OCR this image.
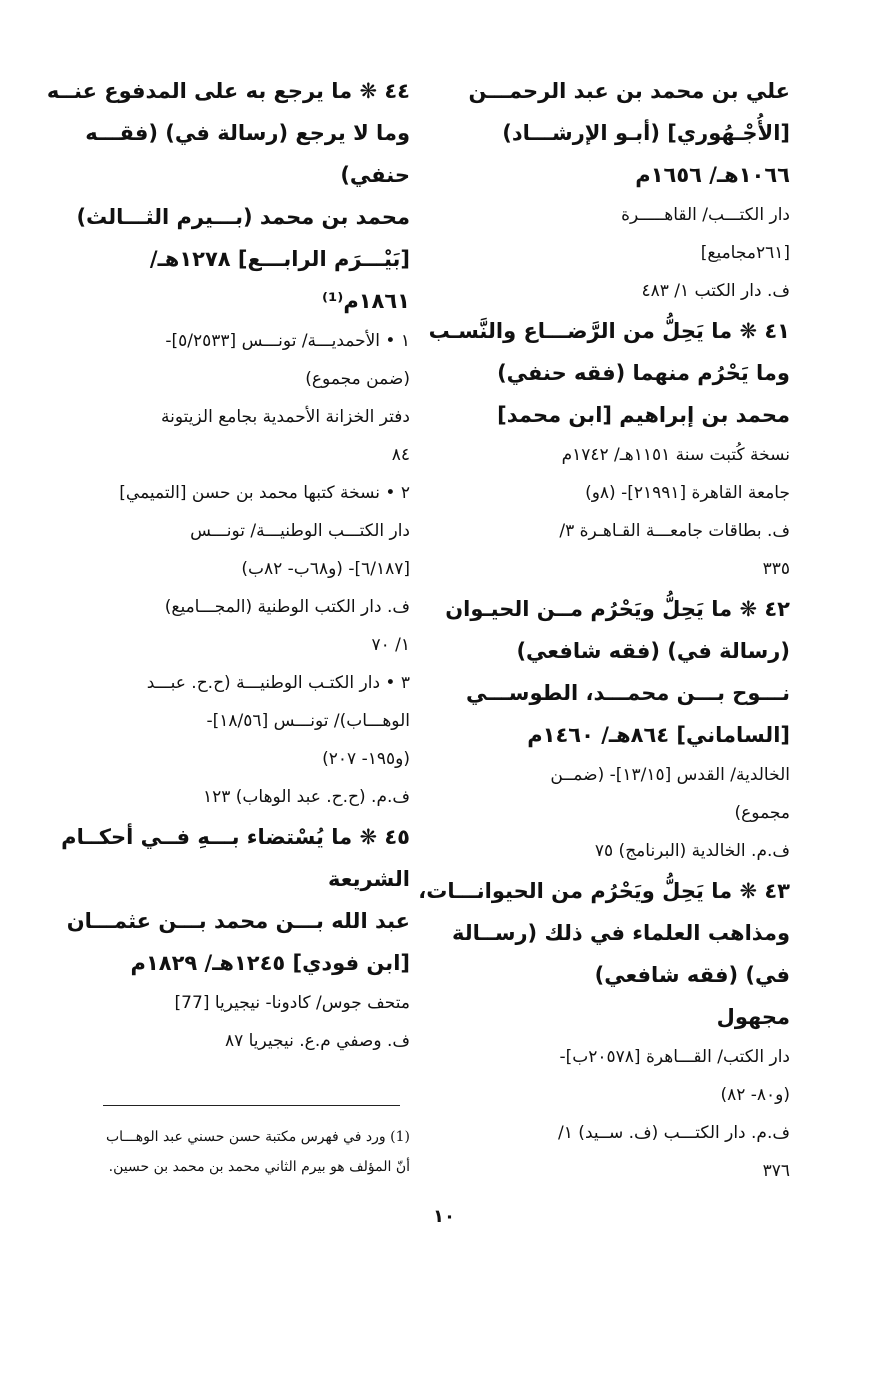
علي بن محمد بن عبد الرحمـــن
[الأُجْـهُوري] (أبـو الإرشـــاد)
١٠٦٦هـ/ ١٦٥٦م
دار الكتـــب/ القاهـــــرة
[٢٦١مجاميع]
ف. دار الكتب ١/ ٤٨٣
٤١ ❋ ما يَحِلُّ من الرَّضـــاع والنَّسـب
وما يَحْرُم منهما (فقه حنفي)
محمد بن إبراهيم [ابن محمد]
نسخة كُتبت سنة ١١٥١هـ/ ١٧٤٢م
جامعة القاهرة [٢١٩٩١]- (٨و)
ف. بطاقات جامعـــة القـاهـرة ٣/
٣٣٥
٤٢ ❋ ما يَحِلُّ ويَحْرُم مــن الحيـوان
(رسالة في) (فقه شافعي)
نـــوح بـــن محمـــد، الطوســـي
[الساماني] ٨٦٤هـ/ ١٤٦٠م
الخالدية/ القدس [١٣/١٥]- (ضمــن
مجموع)
ف.م. الخالدية (البرنامج) ٧٥
٤٣ ❋ ما يَحِلُّ ويَحْرُم من الحيوانـــات،
ومذاهب العلماء في ذلك (رســالة
في) (فقه شافعي)
مجهول
دار الكتب/ القـــاهرة [٢٠٥٧٨ب]-
(و٨٠- ٨٢)
ف.م. دار الكتـــب (ف. ســيد) ١/
٣٧٦
٤٤ ❋ ما يرجع به على المدفوع عنــه
وما لا يرجع (رسالة في) (فقـــه
حنفي)
محمد بن محمد (بـــيرم الثـــالث)
[بَيْـــرَم الرابـــع] ١٢٧٨هـ/
١٨٦١م⁽¹⁾
١ • الأحمديـــة/ تونـــس [٥/٢٥٣٣]-
(ضمن مجموع)
دفتر الخزانة الأحمدية بجامع الزيتونة
٨٤
٢ • نسخة كتبها محمد بن حسن [التميمي]
دار الكتـــب الوطنيـــة/ تونـــس
[٦/١٨٧]- (و٦٨ب- ٨٢ب)
ف. دار الكتب الوطنية (المجـــاميع)
١/ ٧٠
٣ • دار الكتـب الوطنيـــة (ح.ح. عبـــد
الوهـــاب)/ تونـــس [١٨/٥٦]-
(و١٩٥- ٢٠٧)
ف.م. (ح.ح. عبد الوهاب) ١٢٣
٤٥ ❋ ما يُسْتضاء بـــهِ فــي أحكــام
الشريعة
عبد الله بـــن محمد بـــن عثمـــان
[ابن فودي] ١٢٤٥هـ/ ١٨٢٩م
متحف جوس/ كادونا- نيجيريا [77]
ف. وصفي م.ع. نيجيريا ٨٧
(1) ورد في فهرس مكتبة حسن حسني عبد الوهـــاب
أنّ المؤلف هو بيرم الثاني محمد بن محمد بن حسين.
١٠
